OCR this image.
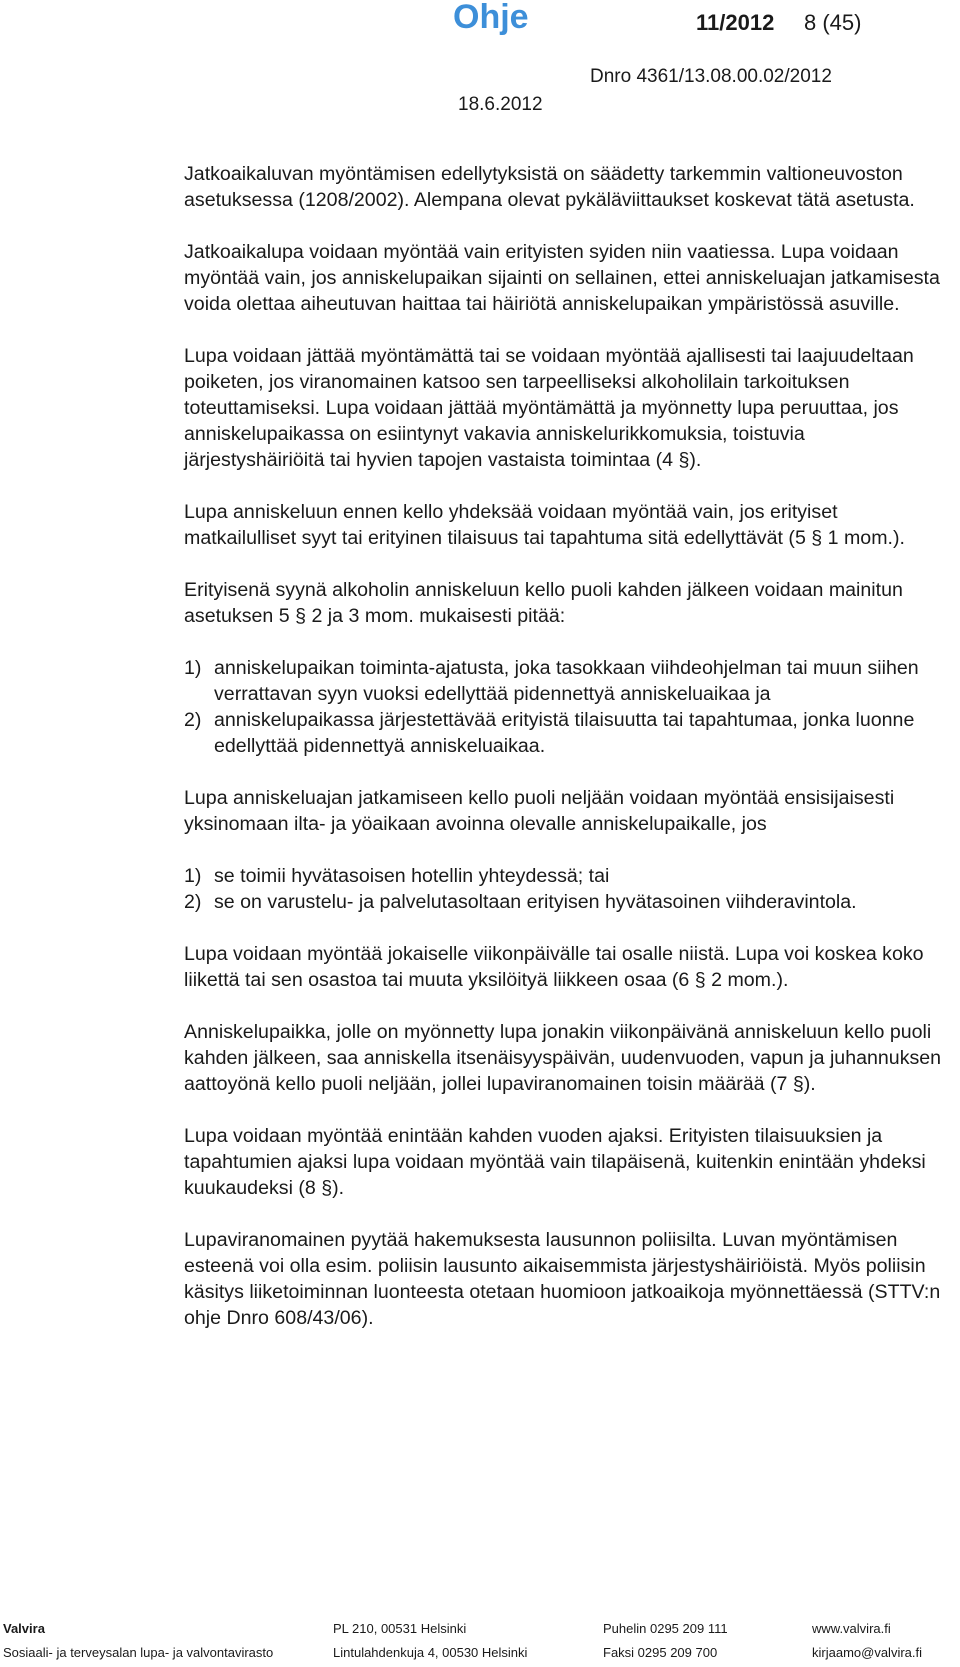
Ohje	11/2012 8 (45)
Dnro 4361/13.08.00.02/2012
18.6.2012

Jatkoaikaluvan myöntämisen edellytyksistä on säädetty tarkemmin valtioneuvoston asetuksessa (1208/2002). Alempana olevat pykäläviittaukset koskevat tätä asetusta.

Jatkoaikalupa voidaan myöntää vain erityisten syiden niin vaatiessa. Lupa voidaan myöntää vain, jos anniskelupaikan sijainti on sellainen, ettei anniskeluajan jatkamisesta voida olettaa aiheutuvan haittaa tai häiriötä anniskelupaikan ympäristössä asuville.

Lupa voidaan jättää myöntämättä tai se voidaan myöntää ajallisesti tai laajuudeltaan poiketen, jos viranomainen katsoo sen tarpeelliseksi alkoholilain tarkoituksen toteuttamiseksi. Lupa voidaan jättää myöntämättä ja myönnetty lupa peruuttaa, jos anniskelupaikassa on esiintynyt vakavia anniskelurikkomuksia, toistuvia järjestyshäiriöitä tai hyvien tapojen vastaista toimintaa (4 §).

Lupa anniskeluun ennen kello yhdeksää voidaan myöntää vain, jos erityiset matkailulliset syyt tai erityinen tilaisuus tai tapahtuma sitä edellyttävät (5 § 1 mom.).

Erityisenä syynä alkoholin anniskeluun kello puoli kahden jälkeen voidaan mainitun asetuksen 5 § 2 ja 3 mom. mukaisesti pitää:

1) anniskelupaikan toiminta-ajatusta, joka tasokkaan viihdeohjelman tai muun siihen verrattavan syyn vuoksi edellyttää pidennettyä anniskeluaikaa ja
2) anniskelupaikassa järjestettävää erityistä tilaisuutta tai tapahtumaa, jonka luonne edellyttää pidennettyä anniskeluaikaa.

Lupa anniskeluajan jatkamiseen kello puoli neljään voidaan myöntää ensisijaisesti yksinomaan ilta- ja yöaikaan avoinna olevalle anniskelupaikalle, jos

1) se toimii hyvätasoisen hotellin yhteydessä; tai
2) se on varustelu- ja palvelutasoltaan erityisen hyvätasoinen viihderavintola.

Lupa voidaan myöntää jokaiselle viikonpäivälle tai osalle niistä. Lupa voi koskea koko liikettä tai sen osastoa tai muuta yksilöityä liikkeen osaa (6 § 2 mom.).

Anniskelupaikka, jolle on myönnetty lupa jonakin viikonpäivänä anniskeluun kello puoli kahden jälkeen, saa anniskella itsenäisyyspäivän, uudenvuoden, vapun ja juhannuksen aattoyönä kello puoli neljään, jollei lupaviranomainen toisin määrää (7 §).

Lupa voidaan myöntää enintään kahden vuoden ajaksi. Erityisten tilaisuuksien ja tapahtumien ajaksi lupa voidaan myöntää vain tilapäisenä, kuitenkin enintään yhdeksi kuukaudeksi (8 §).

Lupaviranomainen pyytää hakemuksesta lausunnon poliisilta. Luvan myöntämisen esteenä voi olla esim. poliisin lausunto aikaisemmista järjestyshäiriöistä. Myös poliisin käsitys liiketoiminnan luonteesta otetaan huomioon jatkoaikoja myönnettäessä (STTV:n ohje Dnro 608/43/06).

Valvira
Sosiaali- ja terveysalan lupa- ja valvontavirasto
PL 210, 00531 Helsinki
Lintulahdenkuja 4, 00530 Helsinki
Puhelin 0295 209 111
Faksi 0295 209 700
www.valvira.fi
kirjaamo@valvira.fi
